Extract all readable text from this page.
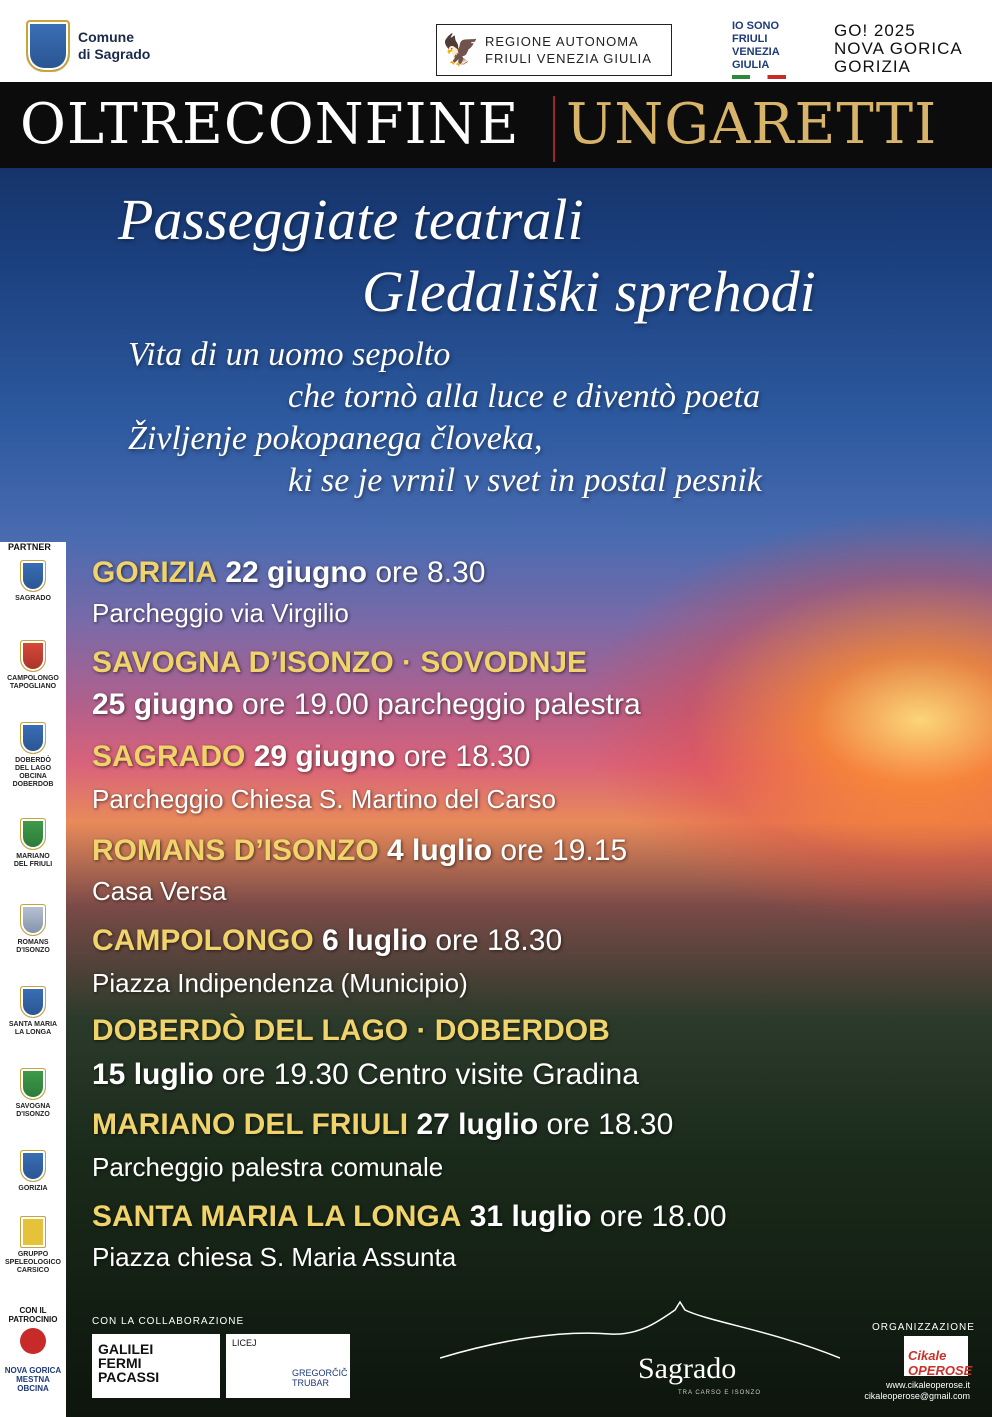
Comune
di Sagrado	🦅 REGIONE AUTONOMA
FRIULI VENEZIA GIULIA
IO SONO
FRIULI
VENEZIA
GIULIA
GO! 2025
NOVA GORICA
GORIZIA
OLTRECONFINE UNGARETTI
Passeggiate teatrali
Gledališki sprehodi
Vita di un uomo sepolto
che tornò alla luce e diventò poeta
Življenje pokopanega človeka,
ki se je vrnil v svet in postal pesnik
PARTNER
SAGRADO
CAMPOLONGO
TAPOGLIANO
DOBERDÒ
DEL LAGO
OBCINA
DOBERDOB
MARIANO
DEL FRIULI
ROMANS
D'ISONZO
SANTA MARIA
LA LONGA
SAVOGNA
D'ISONZO
GORIZIA
GRUPPO
SPELEOLOGICO
CARSICO
CON IL
PATROCINIO
NOVA GORICA
MESTNA
OBCINA
GORIZIA 22 giugno ore 8.30
Parcheggio via Virgilio
SAVOGNA D’ISONZO · SOVODNJE
25 giugno ore 19.00 parcheggio palestra
SAGRADO 29 giugno ore 18.30
Parcheggio Chiesa S. Martino del Carso
ROMANS D’ISONZO 4 luglio ore 19.15
Casa Versa
CAMPOLONGO 6 luglio ore 18.30
Piazza Indipendenza (Municipio)
DOBERDÒ DEL LAGO · DOBERDOB
15 luglio ore 19.30 Centro visite Gradina
MARIANO DEL FRIULI 27 luglio ore 18.30
Parcheggio palestra comunale
SANTA MARIA LA LONGA 31 luglio ore 18.00
Piazza chiesa S. Maria Assunta
CON LA COLLABORAZIONE
GALILEI
FERMI
PACASSI
LICEJ
GREGORČIČ
TRUBAR	Sagrado
TRA CARSO E ISONZO
ORGANIZZAZIONE
Cikale OPEROSE
www.cikaleoperose.it
cikaleoperose@gmail.com
